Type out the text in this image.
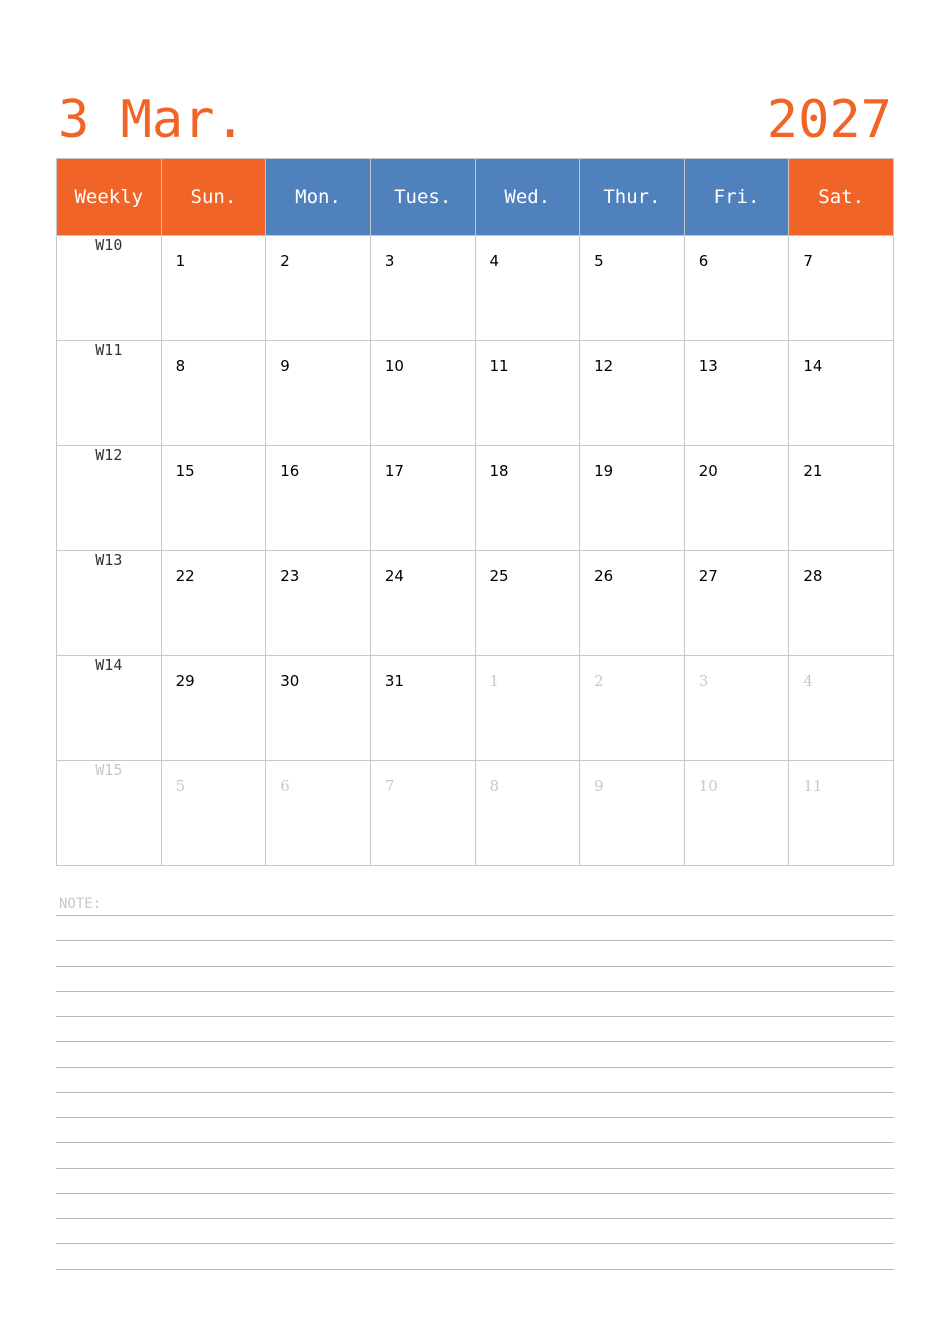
3 Mar.	2027
Weekly	Sun.	Mon.	Tues.	Wed.	Thur.	Fri.	Sat.
W10	1	2	3	4	5	6	7

W11	8	9	10	11	12	13	14

W12	15	16	17	18	19	20	21

W13	22	23	24	25	26	27	28

W14	29	30	31	1	2	3	4

W15	5	6	7	8	9	10	11
NOTE:
